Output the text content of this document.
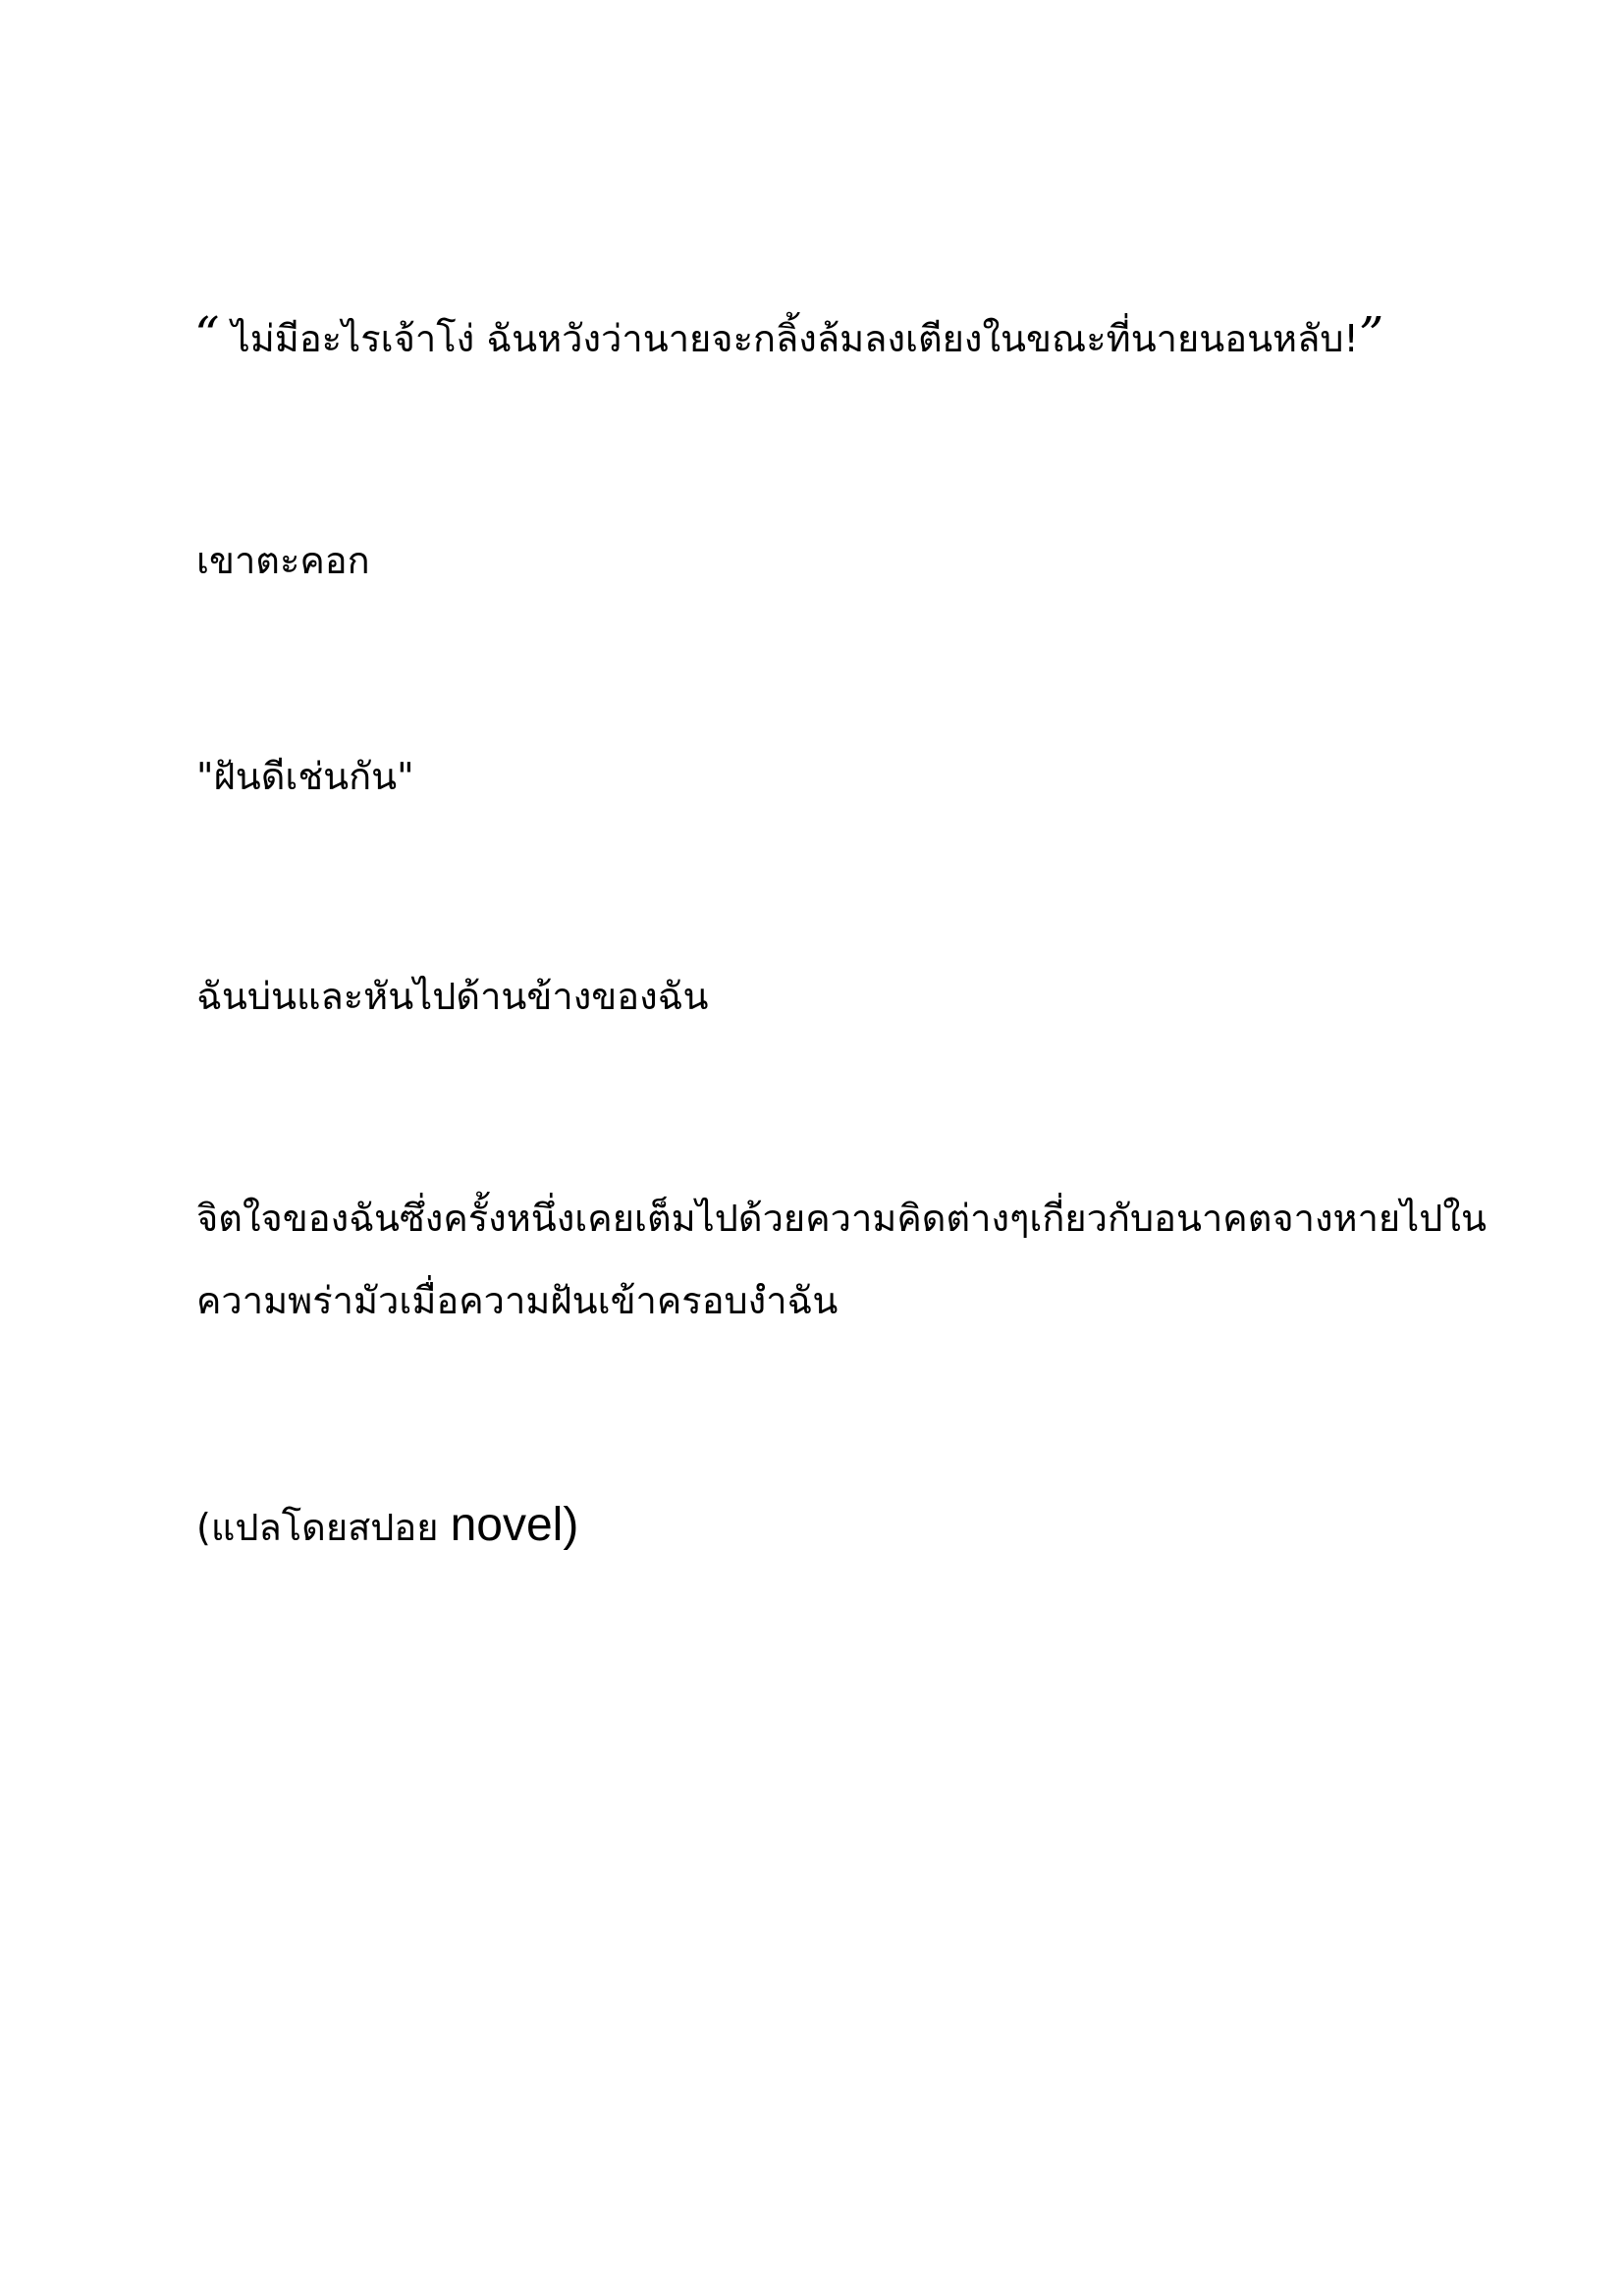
“ ไม่มีอะไรเจ้าโง่ ฉันหวังว่านายจะกลิ้งล้มลงเตียงในขณะที่นายนอนหลับ!”
เขาตะคอก
"ฝันดีเช่นกัน"
ฉันบ่นและหันไปด้านข้างของฉัน
จิตใจของฉันซึ่งครั้งหนึ่งเคยเต็มไปด้วยความคิดต่างๆเกี่ยวกับอนาคตจางหายไปใน
ความพร่ามัวเมื่อความฝันเข้าครอบงำฉัน
(แปลโดยสปอย novel)
